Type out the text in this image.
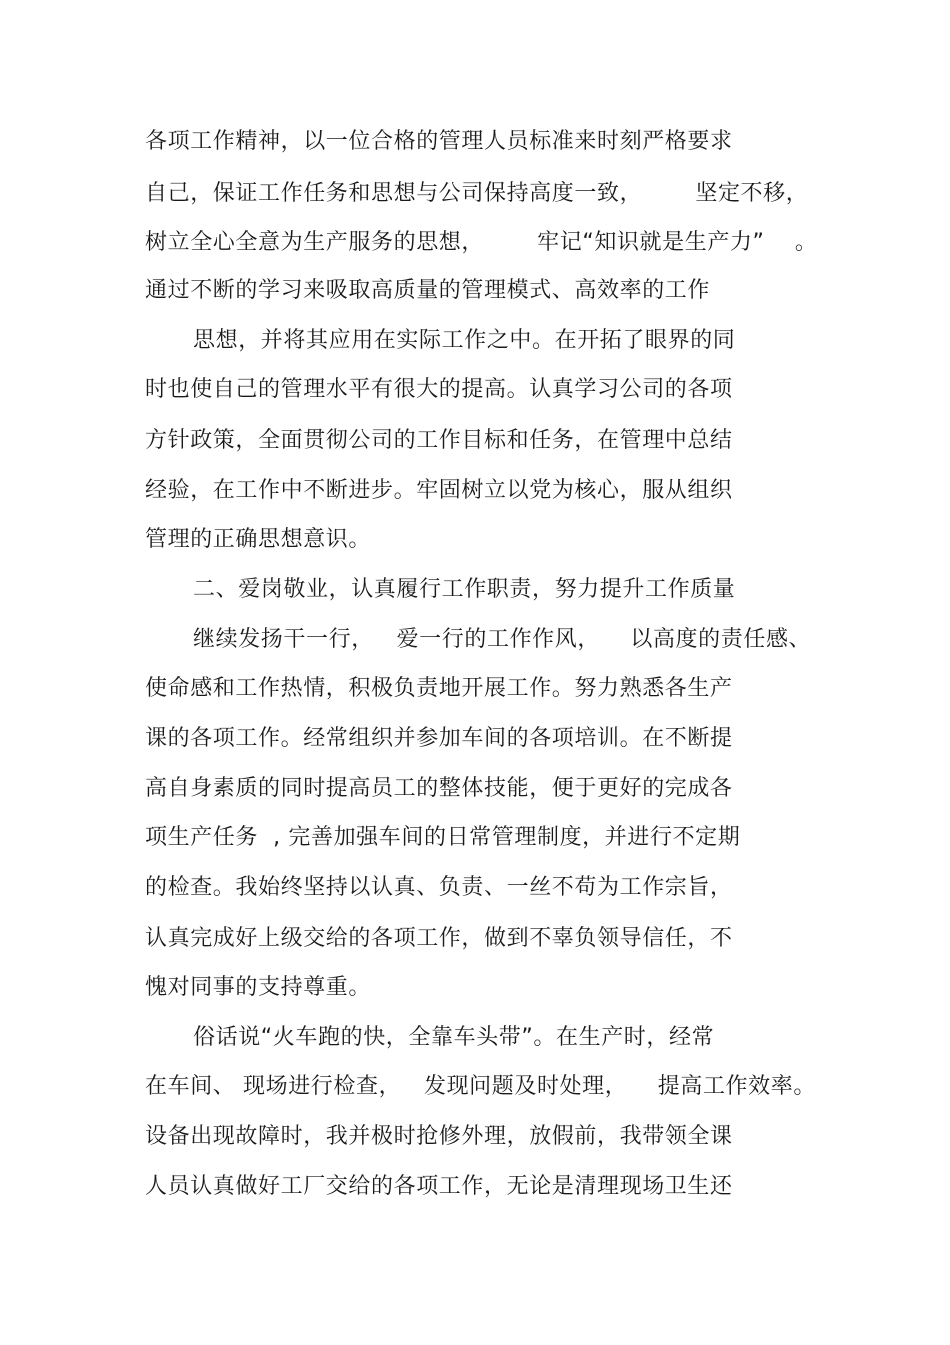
各项工作精神，以一位合格的管理人员标准来时刻严格要求
自己，保证工作任务和思想与公司保持高度一致，       坚定不移，
树立全心全意为生产服务的思想，       牢记“知识就是生产力”    。
通过不断的学习来吸取高质量的管理模式、高效率的工作
思想，并将其应用在实际工作之中。在开拓了眼界的同
时也使自己的管理水平有很大的提高。认真学习公司的各项
方针政策，全面贯彻公司的工作目标和任务，在管理中总结
经验，在工作中不断进步。牢固树立以党为核心，服从组织
管理的正确思想意识。
二、爱岗敬业，认真履行工作职责，努力提升工作质量
继续发扬干一行，   爱一行的工作作风，    以高度的责任感、
使命感和工作热情，积极负责地开展工作。努力熟悉各生产
课的各项工作。经常组织并参加车间的各项培训。在不断提
高自身素质的同时提高员工的整体技能，便于更好的完成各
项生产任务  , 完善加强车间的日常管理制度，并进行不定期
的检查。我始终坚持以认真、负责、一丝不苟为工作宗旨，
认真完成好上级交给的各项工作，做到不辜负领导信任，不
愧对同事的支持尊重。
俗话说“火车跑的快，全靠车头带”。在生产时，经常
在车间、 现场进行检查，   发现问题及时处理，    提高工作效率。
设备出现故障时，我并极时抢修外理，放假前，我带领全课
人员认真做好工厂交给的各项工作，无论是清理现场卫生还
